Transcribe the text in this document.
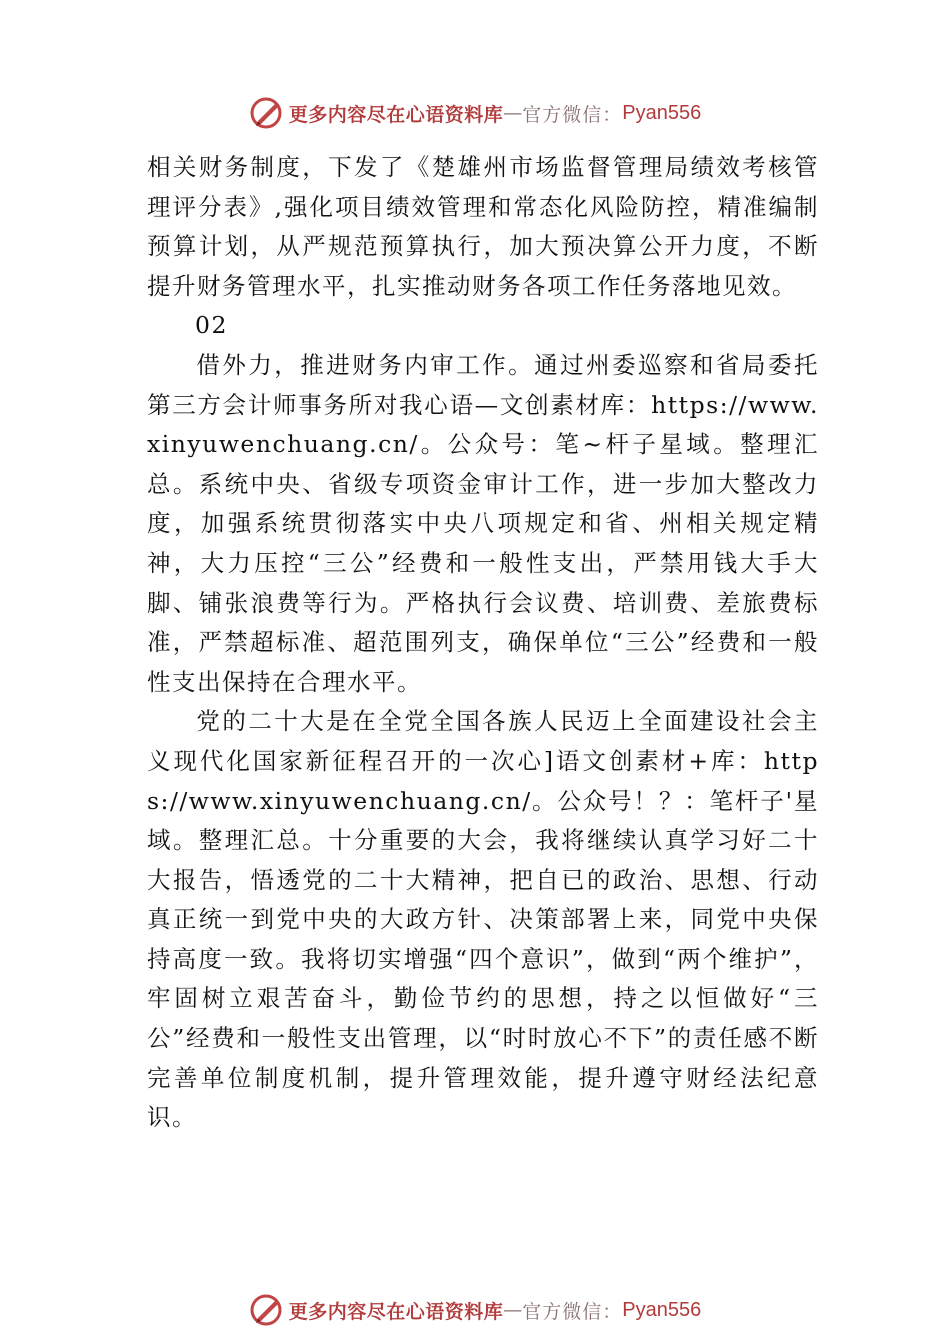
更多内容尽在心语资料库 — 官方微信： Pyan556

相关财务制度，下发了《楚雄州市场监督管理局绩效考核管理评分表》,强化项目绩效管理和常态化风险防控，精准编制预算计划，从严规范预算执行，加大预决算公开力度，不断提升财务管理水平，扎实推动财务各项工作任务落地见效。

02

借外力，推进财务内审工作。通过州委巡察和省局委托第三方会计师事务所对我心语—文创素材库：https://www.xinyuwenchuang.cn/。公众号：笔~杆子星域。整理汇总。系统中央、省级专项资金审计工作，进一步加大整改力度，加强系统贯彻落实中央八项规定和省、州相关规定精神，大力压控“三公”经费和一般性支出，严禁用钱大手大脚、铺张浪费等行为。严格执行会议费、培训费、差旅费标准，严禁超标准、超范围列支，确保单位“三公”经费和一般性支出保持在合理水平。

党的二十大是在全党全国各族人民迈上全面建设社会主义现代化国家新征程召开的一次心]语文创素材+库：https://www.xinyuwenchuang.cn/。公众号！？：笔杆子'星域。整理汇总。十分重要的大会，我将继续认真学习好二十大报告，悟透党的二十大精神，把自已的政治、思想、行动真正统一到党中央的大政方针、决策部署上来，同党中央保持高度一致。我将切实增强“四个意识”，做到“两个维护”，牢固树立艰苦奋斗，勤俭节约的思想，持之以恒做好“三公”经费和一般性支出管理，以“时时放心不下”的责任感不断完善单位制度机制，提升管理效能，提升遵守财经法纪意识。

更多内容尽在心语资料库 — 官方微信： Pyan556
